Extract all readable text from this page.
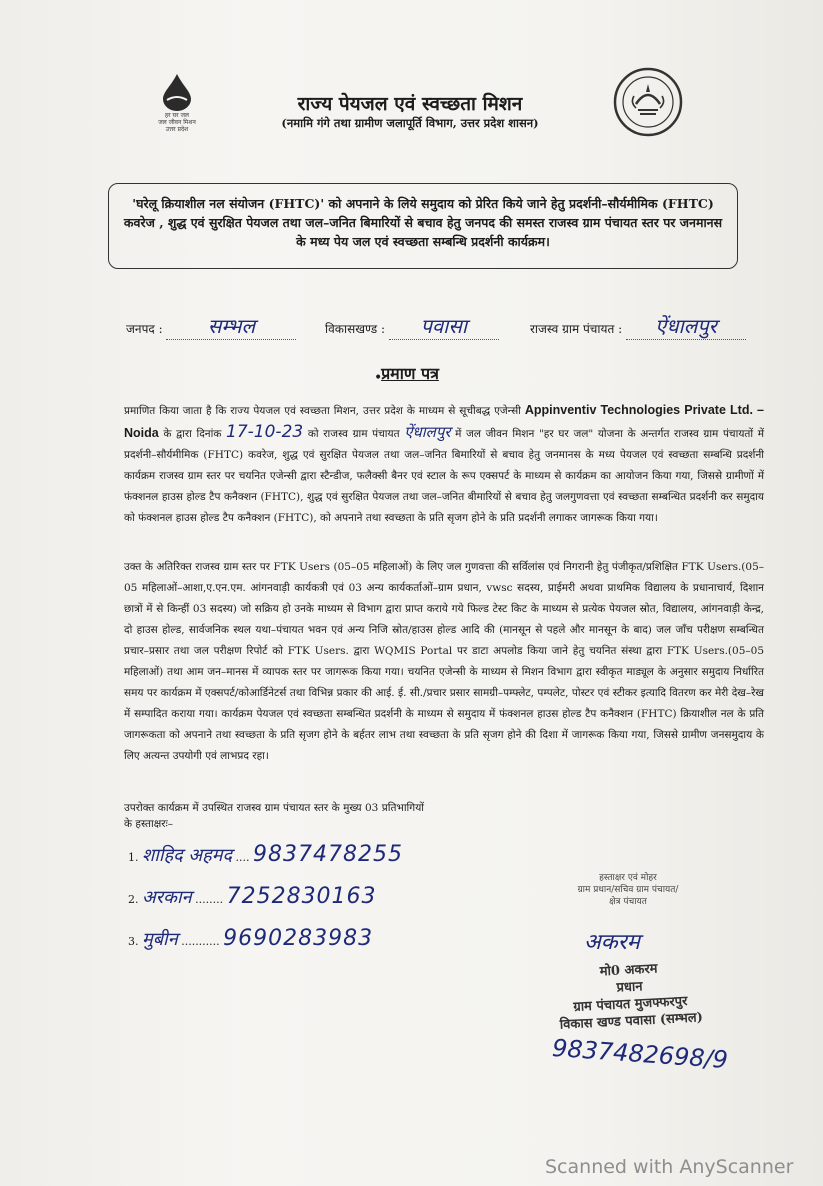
हर घर जल
जल जीवन मिशन
उत्तर प्रदेश
राज्य पेयजल एवं स्वच्छता मिशन
(नमामि गंगे तथा ग्रामीण जलापूर्ति विभाग, उत्तर प्रदेश शासन)
'घरेलू क्रियाशील नल संयोजन (FHTC)' को अपनाने के लिये समुदाय को प्रेरित किये जाने हेतु प्रदर्शनी–सौर्यमीमिक (FHTC) कवरेज , शुद्ध एवं सुरक्षित पेयजल तथा जल–जनित बिमारियों से बचाव हेतु जनपद की समस्त राजस्व ग्राम पंचायत स्तर पर जनमानस के मध्य पेय जल एवं स्वच्छता सम्बन्धि प्रदर्शनी कार्यक्रम।
जनपद : सम्भल	विकासखण्ड : पवासा	राजस्व ग्राम पंचायत : ऐंधालपुर
•
प्रमाण पत्र
प्रमाणित किया जाता है कि राज्य पेयजल एवं स्वच्छता मिशन, उत्तर प्रदेश के माध्यम से सूचीबद्ध एजेन्सी Appinventiv Technologies Private Ltd. – Noida के द्वारा दिनांक 17-10-23 को राजस्व ग्राम पंचायत ऐंधालपुर में जल जीवन मिशन "हर घर जल" योजना के अन्तर्गत राजस्व ग्राम पंचायतों में प्रदर्शनी–सौर्यमीमिक (FHTC) कवरेज, शुद्ध एवं सुरक्षित पेयजल तथा जल–जनित बिमारियों से बचाव हेतु जनमानस के मध्य पेयजल एवं स्वच्छता सम्बन्धि प्रदर्शनी कार्यक्रम राजस्व ग्राम स्तर पर चयनित एजेन्सी द्वारा स्टैन्डीज, फलैक्सी बैनर एवं स्टाल के रूप एक्सपर्ट के माध्यम से कार्यक्रम का आयोजन किया गया, जिससे ग्रामीणों में फंक्शनल हाउस होल्ड टैप कनैक्शन (FHTC), शुद्ध एवं सुरक्षित पेयजल तथा जल–जनित बीमारियों से बचाव हेतु जलगुणवत्ता एवं स्वच्छता सम्बन्धित प्रदर्शनी कर समुदाय को फंक्शनल हाउस होल्ड टैप कनैक्शन (FHTC), को अपनाने तथा स्वच्छता के प्रति सृजग होने के प्रति प्रदर्शनी लगाकर जागरूक किया गया।
उक्त के अतिरिक्त राजस्व ग्राम स्तर पर FTK Users (05–05 महिलाओं) के लिए जल गुणवत्ता की सर्विलांस एवं निगरानी हेतु पंजीकृत/प्रशिक्षित FTK Users.(05–05 महिलाओं–आशा,ए.एन.एम. आंगनवाड़ी कार्यकत्री एवं 03 अन्य कार्यकर्ताओं–ग्राम प्रधान, vwsc सदस्य, प्राईमरी अथवा प्राथमिक विद्यालय के प्रधानाचार्य, दिशान छात्रों में से किन्हीं 03 सदस्य) जो सक्रिय हो उनके माध्यम से विभाग द्वारा प्राप्त कराये गये फिल्ड टेस्ट किट के माध्यम से प्रत्येक पेयजल स्रोत, विद्यालय, आंगनवाड़ी केन्द्र, दो हाउस होल्ड, सार्वजनिक स्थल यथा–पंचायत भवन एवं अन्य निजि स्रोत/हाउस होल्ड आदि की (मानसून से पहले और मानसून के बाद) जल जाँच परीक्षण सम्बन्धित प्रचार–प्रसार तथा जल परीक्षण रिपोर्ट को FTK Users. द्वारा WQMIS Portal पर डाटा अपलोड किया जाने हेतु चयनित संस्था द्वारा FTK Users.(05–05 महिलाओं) तथा आम जन–मानस में व्यापक स्तर पर जागरूक किया गया। चयनित एजेन्सी के माध्यम से मिशन विभाग द्वारा स्वीकृत माड्यूल के अनुसार समुदाय निर्धारित समय पर कार्यक्रम में एक्सपर्ट/कोआर्डिनेटर्स तथा विभिन्न प्रकार की आई. ई. सी./प्रचार प्रसार सामग्री–पम्फ्लेट, पम्पलेट, पोस्टर एवं स्टीकर इत्यादि वितरण कर मेरी देख–रेख में सम्पादित कराया गया। कार्यक्रम पेयजल एवं स्वच्छता सम्बन्धित प्रदर्शनी के माध्यम से समुदाय में फंक्शनल हाउस होल्ड टैप कनैक्शन (FHTC) क्रियाशील नल के प्रति जागरूकता को अपनाने तथा स्वच्छता के प्रति सृजग होने के बर्हतर लाभ तथा स्वच्छता के प्रति सृजग होने की दिशा में जागरूक किया गया, जिससे ग्रामीण जनसमुदाय के लिए अत्यन्त उपयोगी एवं लाभप्रद रहा।
उपरोक्त कार्यक्रम में उपस्थित राजस्व ग्राम पंचायत स्तर के मुख्य 03 प्रतिभागियों के हस्ताक्षरः–
1. शाहिद अहमद .... 9837478255
2. अरकान ........ 7252830163
3. मुबीन ........... 9690283983
हस्ताक्षर एवं मोहर
ग्राम प्रधान/सचिव ग्राम पंचायत/
क्षेत्र पंचायत
अकरम
मो0 अकरम
प्रधान
ग्राम पंचायत मुजफ्फरपुर
विकास खण्ड पवासा (सम्भल)
9837482698/9
Scanned with AnyScanner
